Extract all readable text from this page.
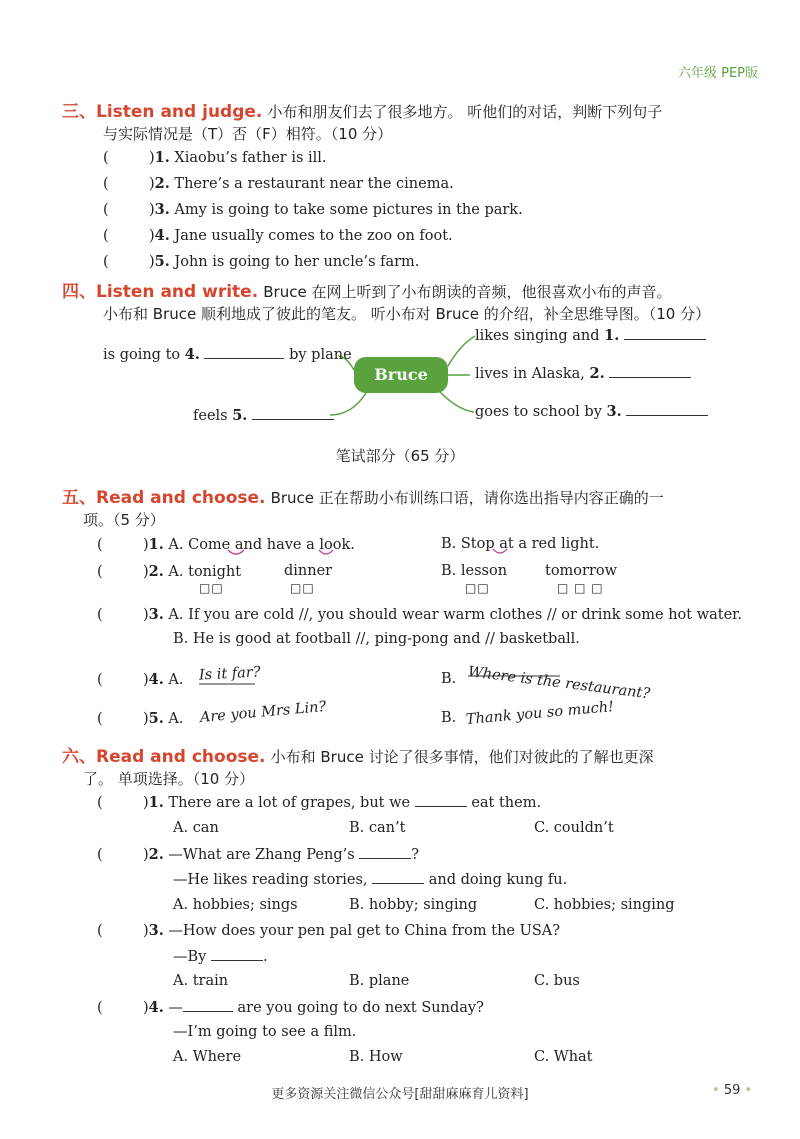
六年级 PEP版
三、Listen and judge. 小布和朋友们去了很多地方。 听他们的对话，判断下列句子
与实际情况是（T）否（F）相符。（10 分）
(	)1. Xiaobu’s father is ill.
(	)2. There’s a restaurant near the cinema.
(	)3. Amy is going to take some pictures in the park.
(	)4. Jane usually comes to the zoo on foot.
(	)5. John is going to her uncle’s farm.
四、Listen and write. Bruce 在网上听到了小布朗读的音频，他很喜欢小布的声音。
小布和 Bruce 顺利地成了彼此的笔友。 听小布对 Bruce 的介绍，补全思维导图。（10 分）
Bruce
likes singing and 1.
lives in Alaska, 2.
goes to school by 3.
is going to 4.	by plane
feels 5.
笔试部分（65 分）
五、Read and choose. Bruce 正在帮助小布训练口语，请你选出指导内容正确的一
项。（5 分）
(	)1. A. Come and have a look.	B. Stop at a red light.
(	)2. A. tonight	dinner	B. lesson	tomorrow
□□	□□	□□	□ □ □
(	)3. A. If you are cold //, you should wear warm clothes // or drink some hot water.
B. He is good at football //, ping-pong and // basketball.
(	)4. A. Is it far?	B. Where is the restaurant?
(	)5. A. Are you Mrs Lin?	B. Thank you so much!
六、Read and choose. 小布和 Bruce 讨论了很多事情，他们对彼此的了解也更深
了。 单项选择。（10 分）
(	)1. There are a lot of grapes, but we	eat them.
A. can	B. can’t	C. couldn’t
(	)2. —What are Zhang Peng’s	?
—He likes reading stories,	and doing kung fu.
A. hobbies; sings	B. hobby; singing	C. hobbies; singing
(	)3. —How does your pen pal get to China from the USA?
—By	.
A. train	B. plane	C. bus
(	)4. —	are you going to do next Sunday?
—I’m going to see a film.
A. Where	B. How	C. What
更多资源关注微信公众号[甜甜麻麻育儿资料]	• 59 •
